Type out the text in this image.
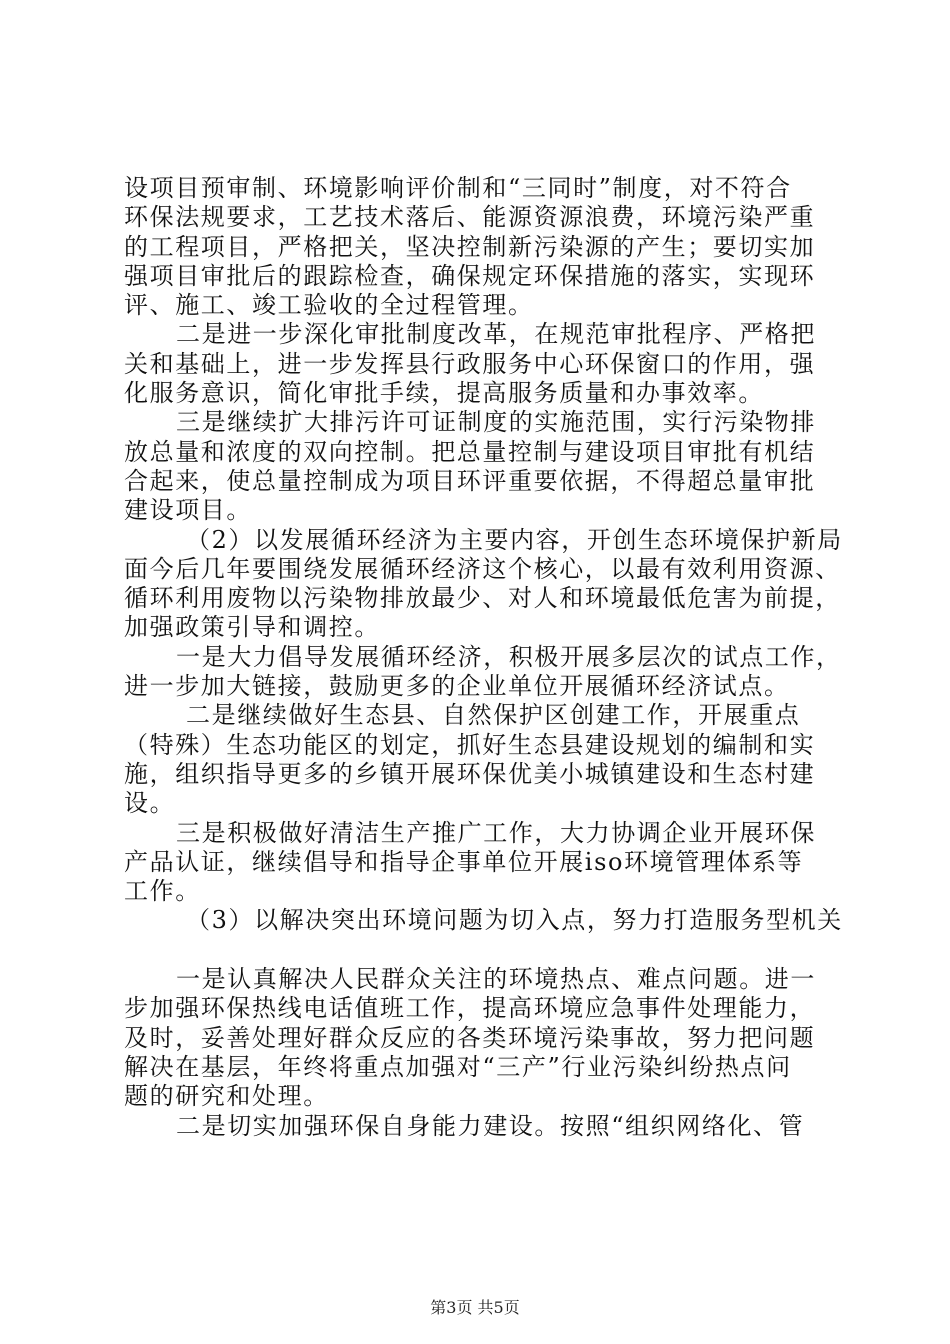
设项目预审制、环境影响评价制和“三同时”制度，对不符合
环保法规要求，工艺技术落后、能源资源浪费，环境污染严重
的工程项目，严格把关，坚决控制新污染源的产生；要切实加
强项目审批后的跟踪检查，确保规定环保措施的落实，实现环
评、施工、竣工验收的全过程管理。
二是进一步深化审批制度改革，在规范审批程序、严格把
关和基础上，进一步发挥县行政服务中心环保窗口的作用，强
化服务意识，简化审批手续，提高服务质量和办事效率。
三是继续扩大排污许可证制度的实施范围，实行污染物排
放总量和浓度的双向控制。把总量控制与建设项目审批有机结
合起来，使总量控制成为项目环评重要依据，不得超总量审批
建设项目。
（2）以发展循环经济为主要内容，开创生态环境保护新局
面今后几年要围绕发展循环经济这个核心，以最有效利用资源、
循环利用废物以污染物排放最少、对人和环境最低危害为前提，
加强政策引导和调控。
一是大力倡导发展循环经济，积极开展多层次的试点工作，
进一步加大链接，鼓励更多的企业单位开展循环经济试点。
二是继续做好生态县、自然保护区创建工作，开展重点
（特殊）生态功能区的划定，抓好生态县建设规划的编制和实
施，组织指导更多的乡镇开展环保优美小城镇建设和生态村建
设。
三是积极做好清洁生产推广工作，大力协调企业开展环保
产品认证，继续倡导和指导企事单位开展iso环境管理体系等
工作。
（3）以解决突出环境问题为切入点，努力打造服务型机关
一是认真解决人民群众关注的环境热点、难点问题。进一
步加强环保热线电话值班工作，提高环境应急事件处理能力，
及时，妥善处理好群众反应的各类环境污染事故，努力把问题
解决在基层，年终将重点加强对“三产”行业污染纠纷热点问
题的研究和处理。
二是切实加强环保自身能力建设。按照“组织网络化、管
第3页 共5页
